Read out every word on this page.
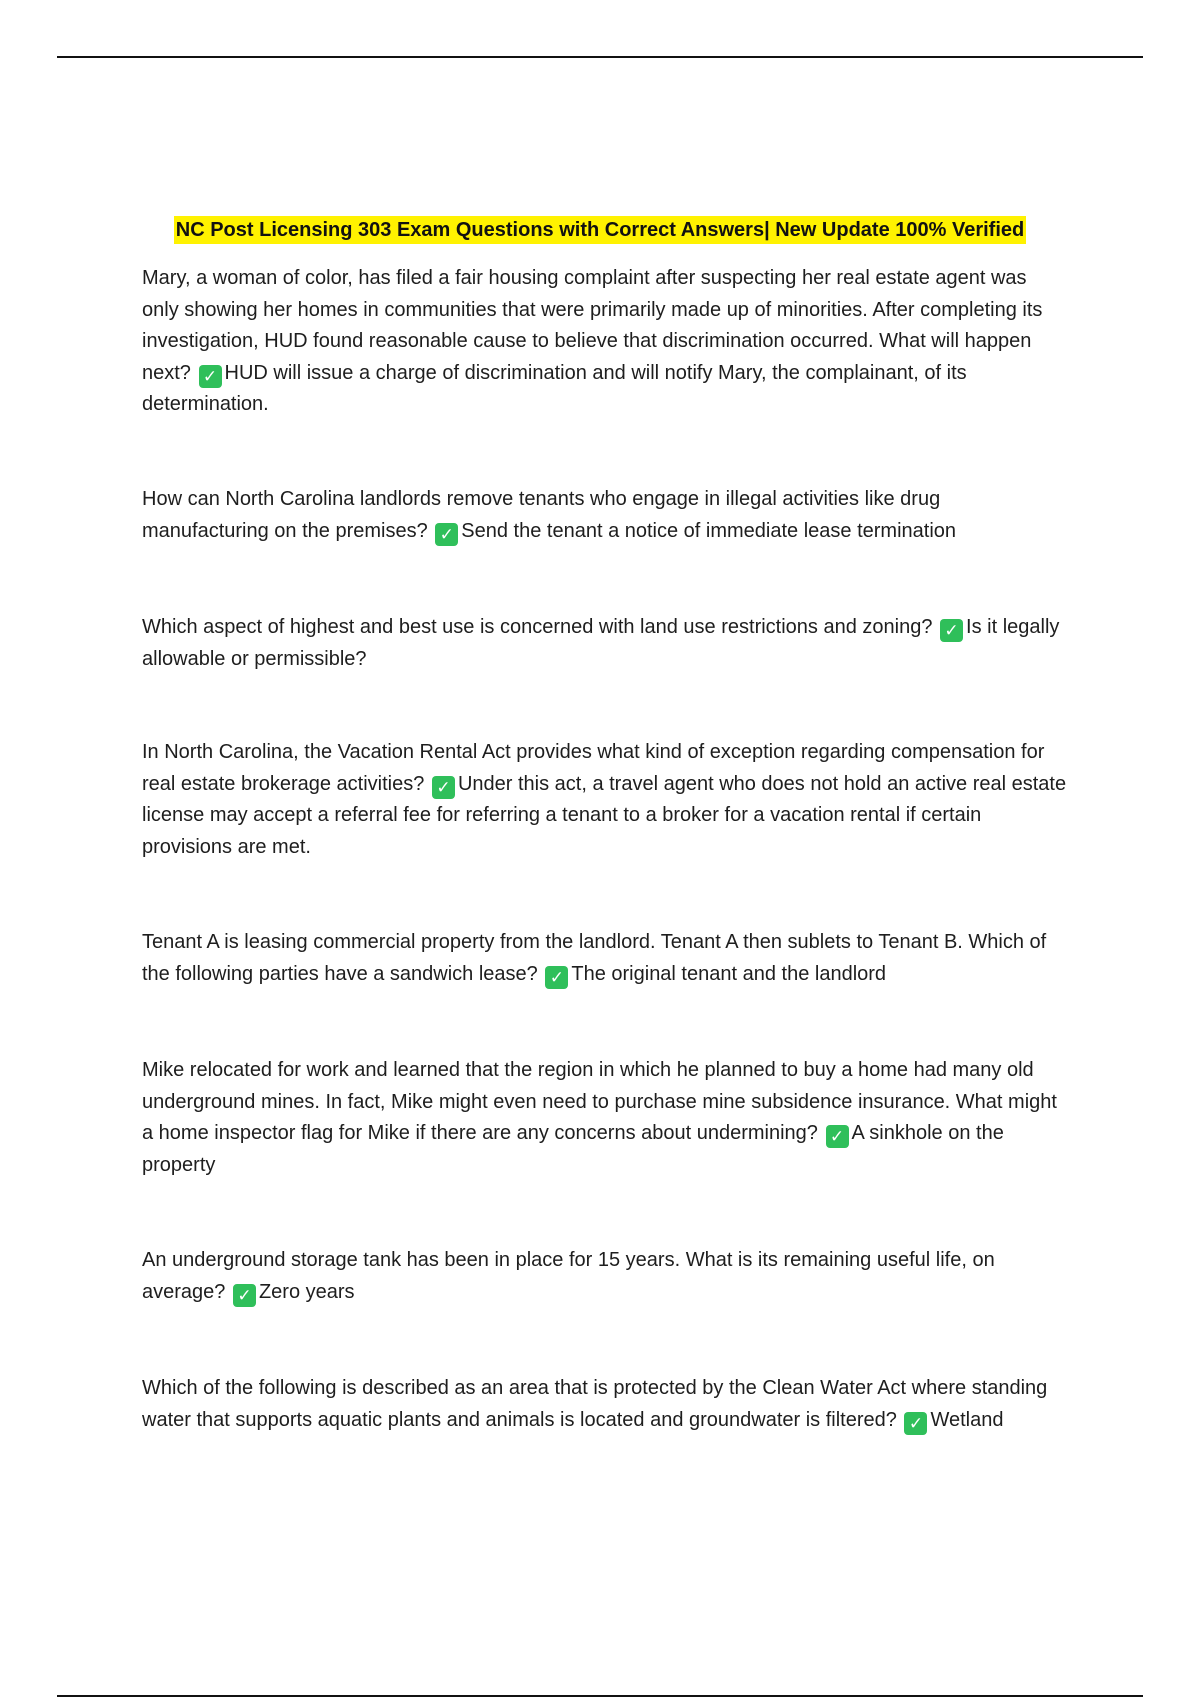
NC Post Licensing 303 Exam Questions with Correct Answers| New Update 100% Verified

Mary, a woman of color, has filed a fair housing complaint after suspecting her real estate agent was only showing her homes in communities that were primarily made up of minorities. After completing its investigation, HUD found reasonable cause to believe that discrimination occurred. What will happen next? ✓ HUD will issue a charge of discrimination and will notify Mary, the complainant, of its determination.

How can North Carolina landlords remove tenants who engage in illegal activities like drug manufacturing on the premises? ✓ Send the tenant a notice of immediate lease termination

Which aspect of highest and best use is concerned with land use restrictions and zoning? ✓ Is it legally allowable or permissible?

In North Carolina, the Vacation Rental Act provides what kind of exception regarding compensation for real estate brokerage activities? ✓ Under this act, a travel agent who does not hold an active real estate license may accept a referral fee for referring a tenant to a broker for a vacation rental if certain provisions are met.

Tenant A is leasing commercial property from the landlord. Tenant A then sublets to Tenant B. Which of the following parties have a sandwich lease? ✓ The original tenant and the landlord

Mike relocated for work and learned that the region in which he planned to buy a home had many old underground mines. In fact, Mike might even need to purchase mine subsidence insurance. What might a home inspector flag for Mike if there are any concerns about undermining? ✓ A sinkhole on the property

An underground storage tank has been in place for 15 years. What is its remaining useful life, on average? ✓ Zero years

Which of the following is described as an area that is protected by the Clean Water Act where standing water that supports aquatic plants and animals is located and groundwater is filtered? ✓ Wetland
